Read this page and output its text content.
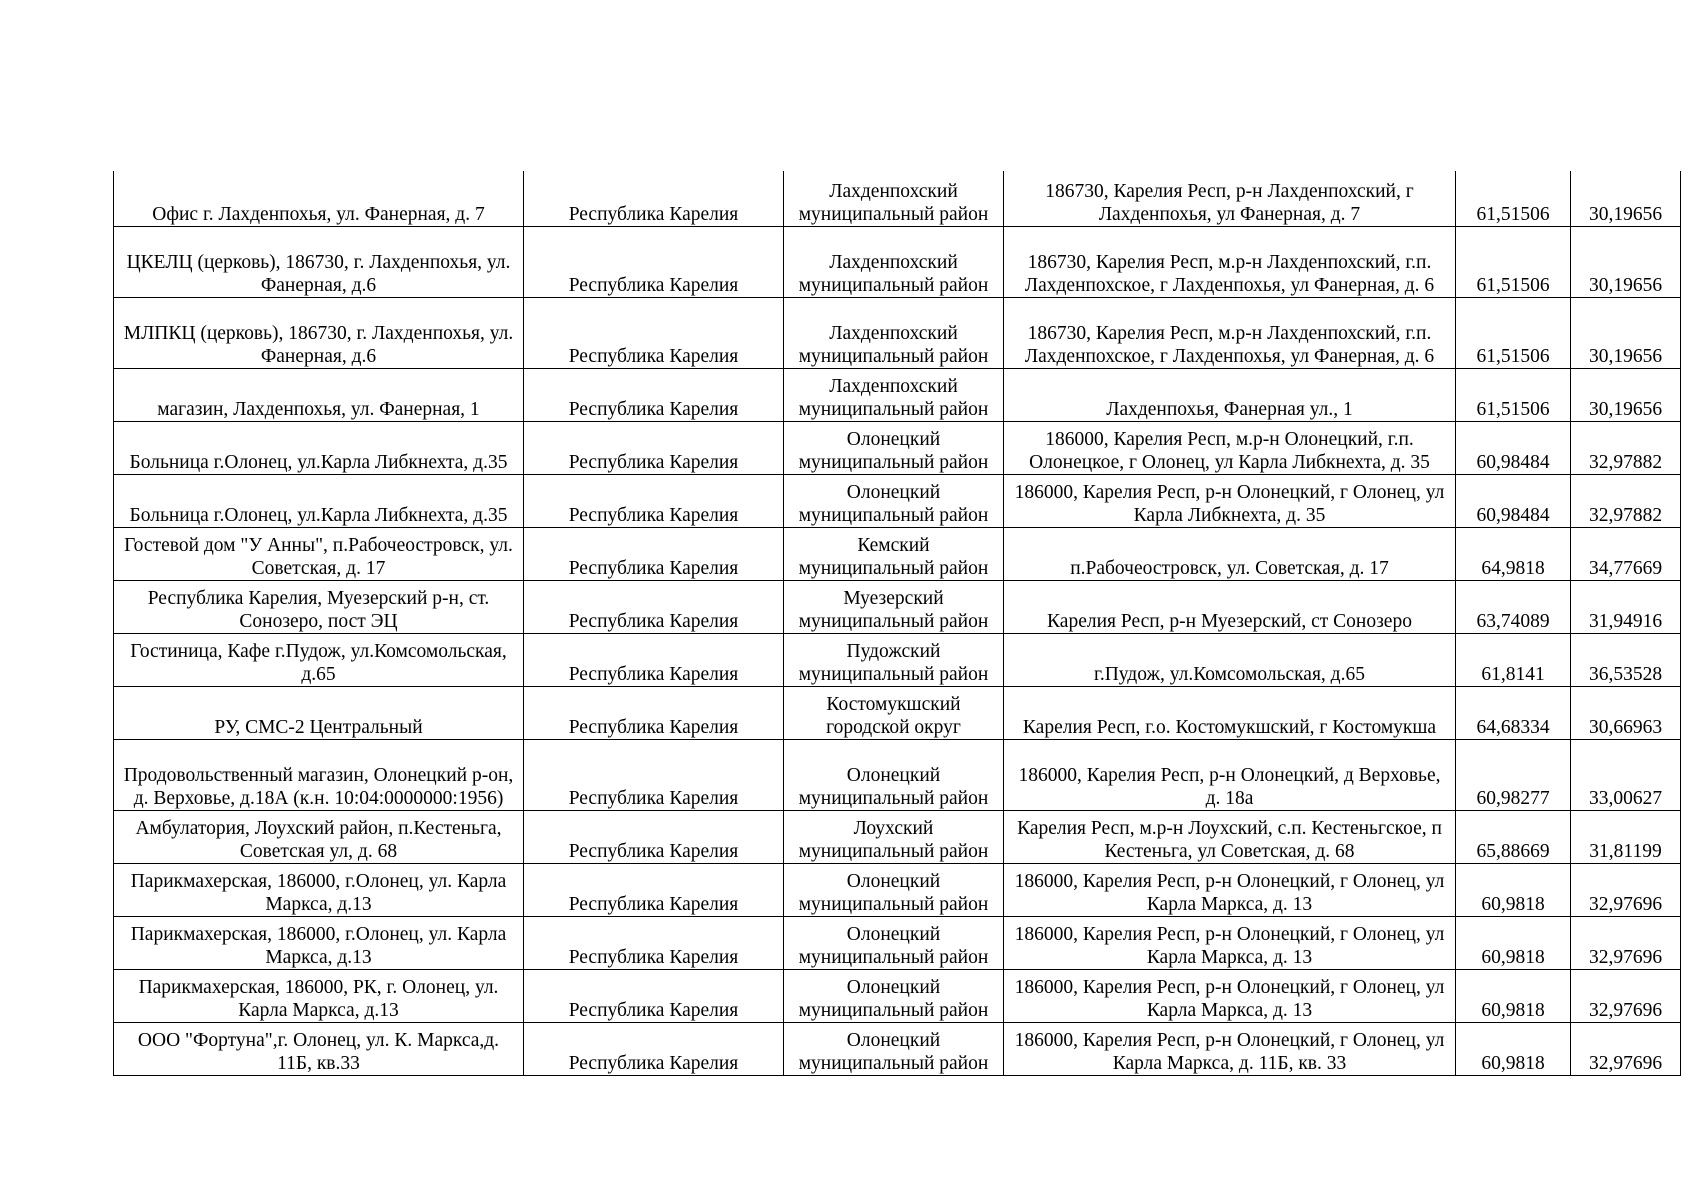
Офис г. Лахденпохья, ул. Фанерная, д. 7	Республика Карелия	Лахденпохский муниципальный район	186730, Карелия Респ, р-н Лахденпохский, г Лахденпохья, ул Фанерная, д. 7	61,51506	30,19656
ЦКЕЛЦ (церковь), 186730, г. Лахденпохья, ул. Фанерная, д.6	Республика Карелия	Лахденпохский муниципальный район	186730, Карелия Респ, м.р-н Лахденпохский, г.п. Лахденпохское, г Лахденпохья, ул Фанерная, д. 6	61,51506	30,19656
МЛПКЦ (церковь), 186730, г. Лахденпохья, ул. Фанерная, д.6	Республика Карелия	Лахденпохский муниципальный район	186730, Карелия Респ, м.р-н Лахденпохский, г.п. Лахденпохское, г Лахденпохья, ул Фанерная, д. 6	61,51506	30,19656
магазин, Лахденпохья, ул. Фанерная, 1	Республика Карелия	Лахденпохский муниципальный район	Лахденпохья, Фанерная ул., 1	61,51506	30,19656
Больница г.Олонец, ул.Карла Либкнехта, д.35	Республика Карелия	Олонецкий муниципальный район	186000, Карелия Респ, м.р-н Олонецкий, г.п. Олонецкое, г Олонец, ул Карла Либкнехта, д. 35	60,98484	32,97882
Больница г.Олонец, ул.Карла Либкнехта, д.35	Республика Карелия	Олонецкий муниципальный район	186000, Карелия Респ, р-н Олонецкий, г Олонец, ул Карла Либкнехта, д. 35	60,98484	32,97882
Гостевой дом "У Анны", п.Рабочеостровск, ул. Советская, д. 17	Республика Карелия	Кемский муниципальный район	п.Рабочеостровск, ул. Советская, д. 17	64,9818	34,77669
Республика Карелия, Муезерский р-н, ст. Сонозеро, пост ЭЦ	Республика Карелия	Муезерский муниципальный район	Карелия Респ, р-н Муезерский, ст Сонозеро	63,74089	31,94916
Гостиница, Кафе г.Пудож, ул.Комсомольская, д.65	Республика Карелия	Пудожский муниципальный район	г.Пудож, ул.Комсомольская, д.65	61,8141	36,53528
РУ, СМС-2 Центральный	Республика Карелия	Костомукшский городской округ	Карелия Респ, г.о. Костомукшский, г Костомукша	64,68334	30,66963
Продовольственный магазин, Олонецкий р-он, д. Верховье, д.18А (к.н. 10:04:0000000:1956)	Республика Карелия	Олонецкий муниципальный район	186000, Карелия Респ, р-н Олонецкий, д Верховье, д. 18а	60,98277	33,00627
Амбулатория, Лоухский район, п.Кестеньга, Советская ул, д. 68	Республика Карелия	Лоухский муниципальный район	Карелия Респ, м.р-н Лоухский, с.п. Кестеньгское, п Кестеньга, ул Советская, д. 68	65,88669	31,81199
Парикмахерская, 186000, г.Олонец, ул. Карла Маркса, д.13	Республика Карелия	Олонецкий муниципальный район	186000, Карелия Респ, р-н Олонецкий, г Олонец, ул Карла Маркса, д. 13	60,9818	32,97696
Парикмахерская, 186000, г.Олонец, ул. Карла Маркса, д.13	Республика Карелия	Олонецкий муниципальный район	186000, Карелия Респ, р-н Олонецкий, г Олонец, ул Карла Маркса, д. 13	60,9818	32,97696
Парикмахерская, 186000, РК, г. Олонец, ул. Карла Маркса, д.13	Республика Карелия	Олонецкий муниципальный район	186000, Карелия Респ, р-н Олонецкий, г Олонец, ул Карла Маркса, д. 13	60,9818	32,97696
ООО "Фортуна",г. Олонец, ул. К. Маркса,д. 11Б, кв.33	Республика Карелия	Олонецкий муниципальный район	186000, Карелия Респ, р-н Олонецкий, г Олонец, ул Карла Маркса, д. 11Б, кв. 33	60,9818	32,97696
